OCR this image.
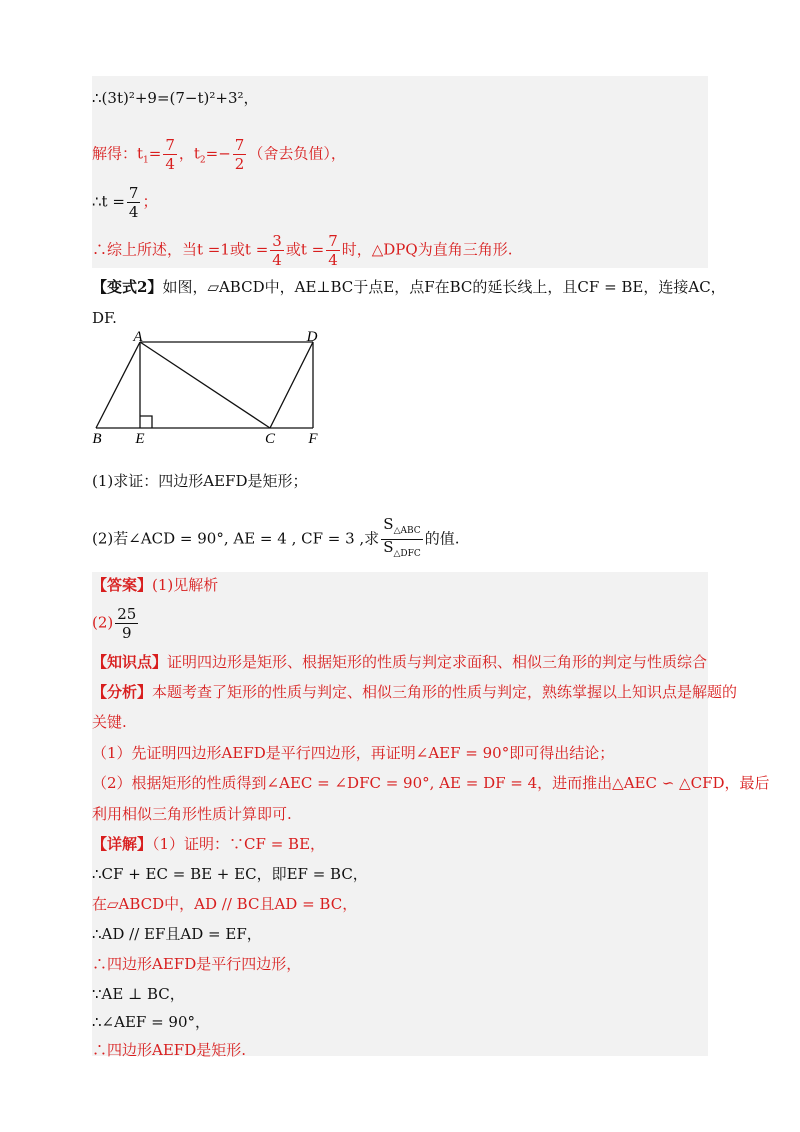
∴(3t)²+9=(7−t)²+3²，
解得：$t_1= \frac{7}{4}$ ，$t_2=- \frac{7}{2}$ （舍去负值），
∴t = $\frac{7}{4}$ ；
∴综上所述，当t =1或$t = \frac{3}{4}$ 或$t = \frac{7}{4}$ 时，△DPQ为直角三角形.
【变式2】如图，▱ABCD中，AE⊥BC于点E，点F在BC的延长线上，且CF = BE，连接AC，
DF.
A	D
B E	C F
(1)求证：四边形AEFD是矩形；
(2)若∠ACD = 90°, AE = 4 , CF = 3 ,求 $\frac{S_{\triangle ABC}}{S_{\triangle DFC}}$ 的值.
【答案】(1)见解析
$(2) \frac{25}{9}$
【知识点】证明四边形是矩形、根据矩形的性质与判定求面积、相似三角形的判定与性质综合
【分析】本题考查了矩形的性质与判定、相似三角形的性质与判定，熟练掌握以上知识点是解题的
关键.
（1）先证明四边形AEFD是平行四边形，再证明∠AEF = 90°即可得出结论；
（2）根据矩形的性质得到∠AEC = ∠DFC = 90°, AE = DF = 4，进而推出△AEC ∽ △CFD，最后
利用相似三角形性质计算即可.
【详解】（1）证明：∵CF = BE，
∴CF + EC = BE + EC，即EF = BC，
在▱ABCD中，AD // BC且AD = BC，
∴AD // EF且AD = EF，
∴四边形AEFD是平行四边形，
∵AE ⊥ BC，
∴∠AEF = 90°，
∴四边形AEFD是矩形.
